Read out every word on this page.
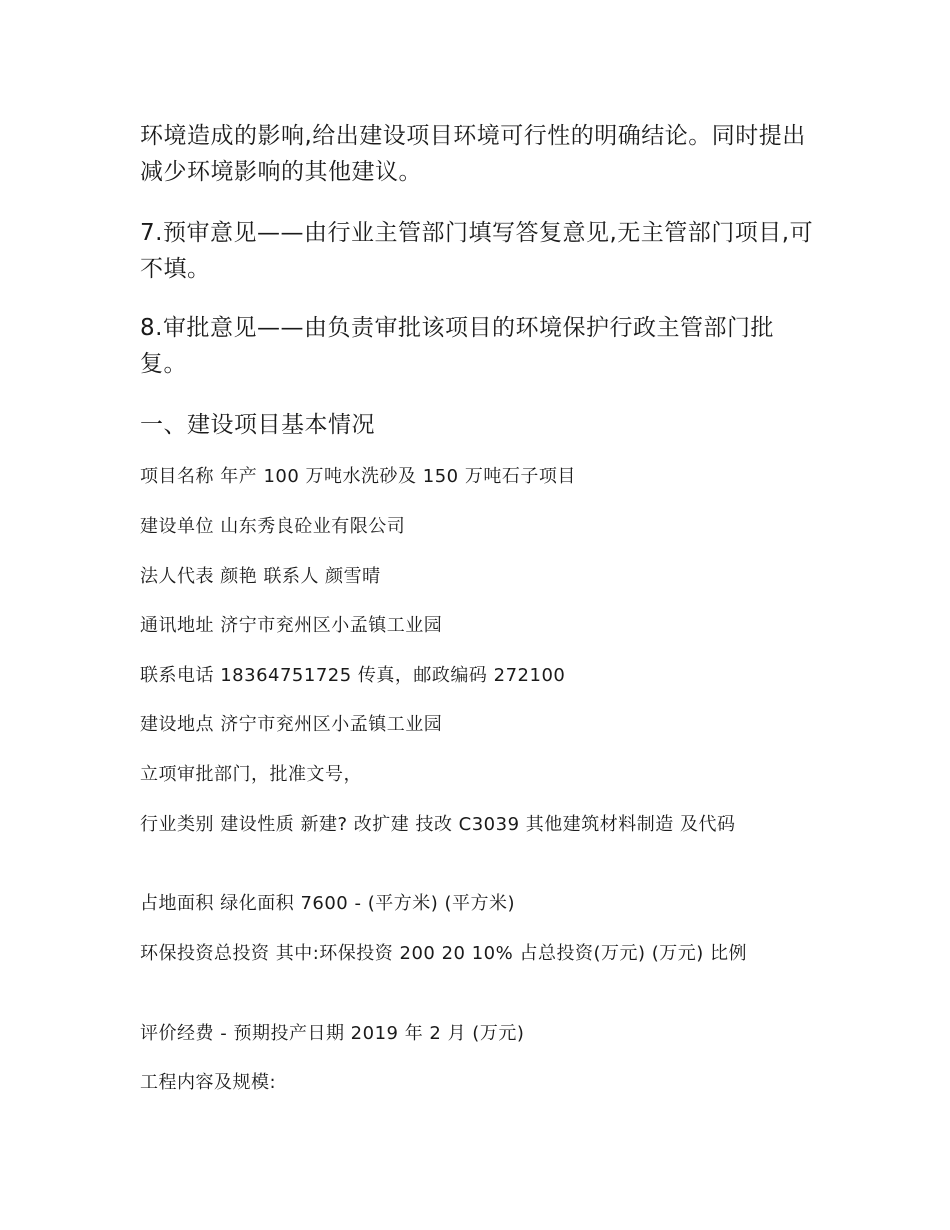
环境造成的影响,给出建设项目环境可行性的明确结论。同时提出减少环境影响的其他建议。

7.预审意见——由行业主管部门填写答复意见,无主管部门项目,可不填。

8.审批意见——由负责审批该项目的环境保护行政主管部门批复。

一、建设项目基本情况

项目名称 年产 100 万吨水洗砂及 150 万吨石子项目

建设单位 山东秀良砼业有限公司

法人代表 颜艳 联系人 颜雪晴

通讯地址 济宁市兖州区小孟镇工业园

联系电话 18364751725 传真，邮政编码 272100

建设地点 济宁市兖州区小孟镇工业园

立项审批部门，批准文号，

行业类别 建设性质 新建? 改扩建 技改 C3039 其他建筑材料制造 及代码

占地面积 绿化面积 7600 - (平方米) (平方米)

环保投资总投资 其中:环保投资 200 20 10% 占总投资(万元) (万元) 比例

评价经费 - 预期投产日期 2019 年 2 月 (万元)

工程内容及规模:
